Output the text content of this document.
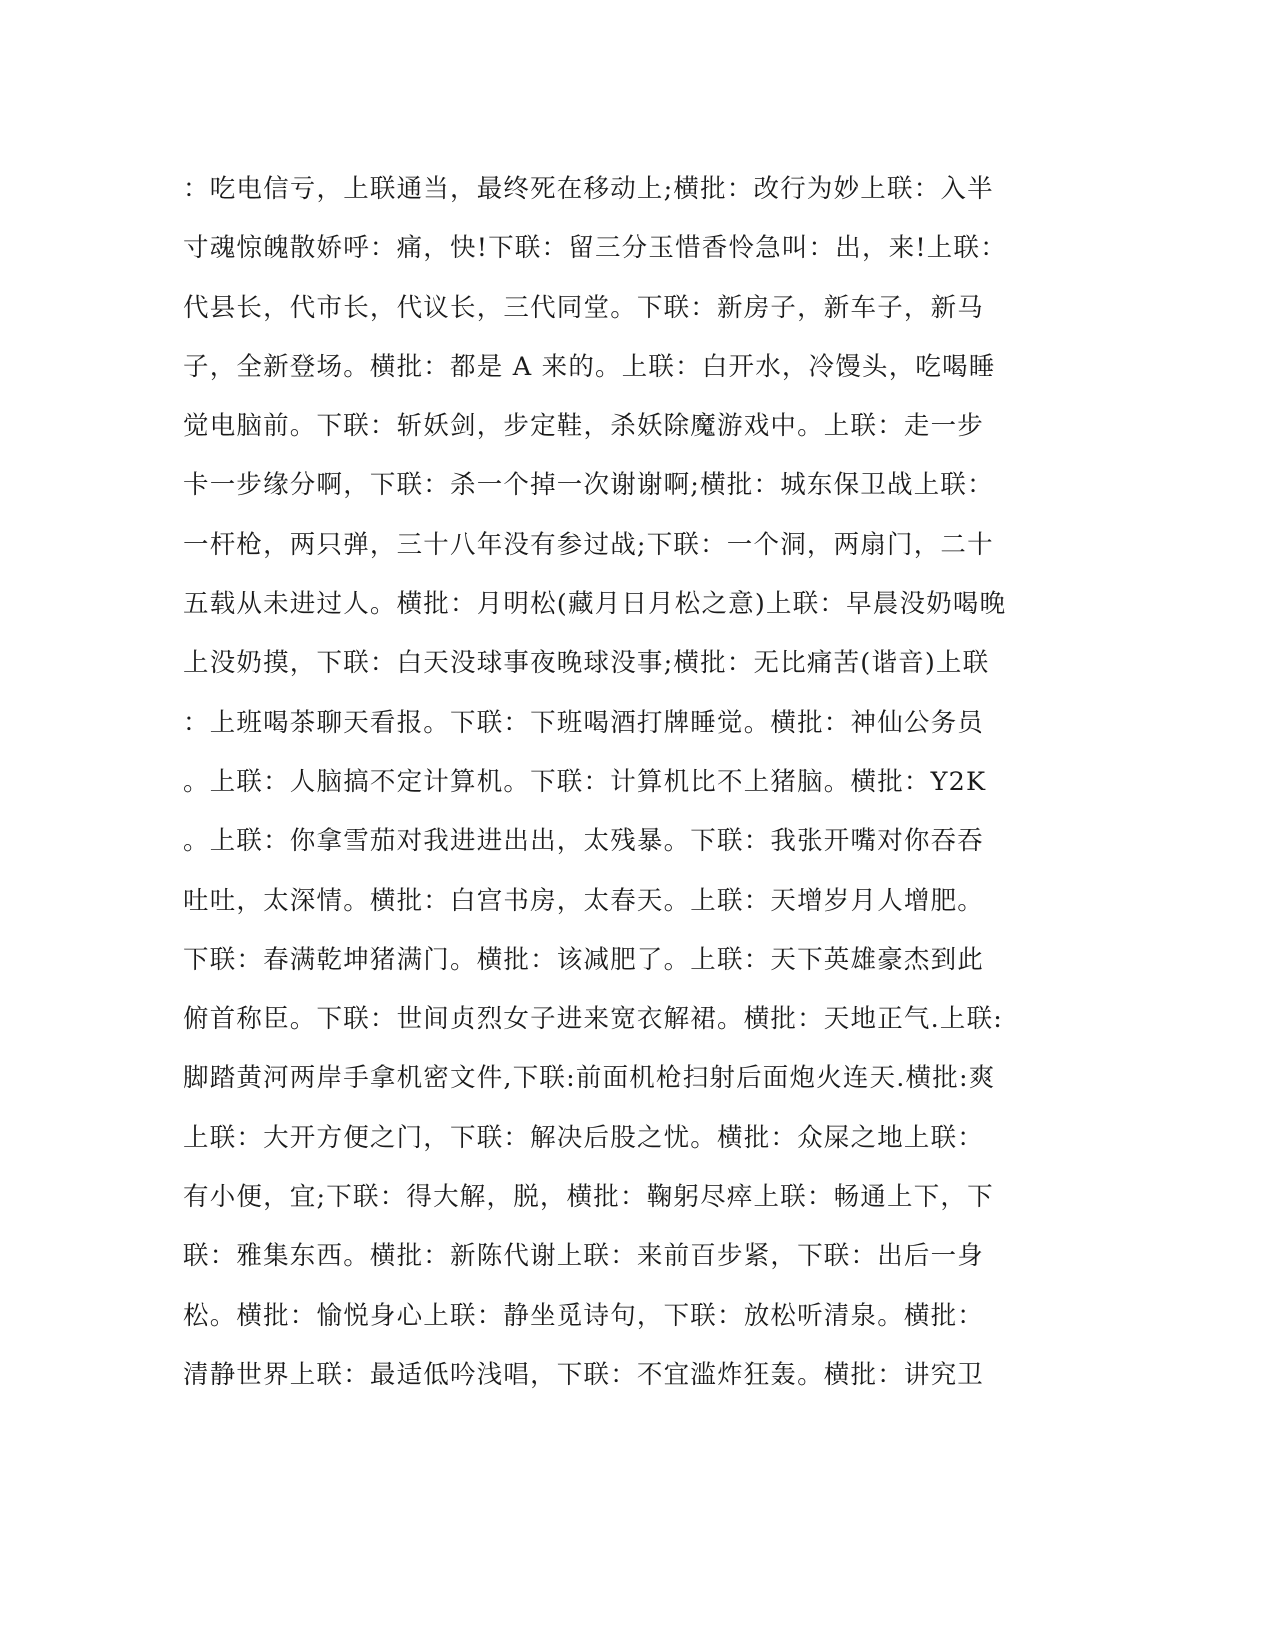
：吃电信亏，上联通当，最终死在移动上;横批：改行为妙上联：入半
寸魂惊魄散娇呼：痛，快!下联：留三分玉惜香怜急叫：出，来!上联：
代县长，代市长，代议长，三代同堂。下联：新房子，新车子，新马
子，全新登场。横批：都是 A 来的。上联：白开水，冷馒头，吃喝睡
觉电脑前。下联：斩妖剑，步定鞋，杀妖除魔游戏中。上联：走一步
卡一步缘分啊，下联：杀一个掉一次谢谢啊;横批：城东保卫战上联：
一杆枪，两只弹，三十八年没有参过战;下联：一个洞，两扇门，二十
五载从未进过人。横批：月明松(藏月日月松之意)上联：早晨没奶喝晚
上没奶摸，下联：白天没球事夜晚球没事;横批：无比痛苦(谐音)上联
：上班喝茶聊天看报。下联：下班喝酒打牌睡觉。横批：神仙公务员
。上联：人脑搞不定计算机。下联：计算机比不上猪脑。横批：Y2K
。上联：你拿雪茄对我进进出出，太残暴。下联：我张开嘴对你吞吞
吐吐，太深情。横批：白宫书房，太春天。上联：天增岁月人增肥。
下联：春满乾坤猪满门。横批：该减肥了。上联：天下英雄豪杰到此
俯首称臣。下联：世间贞烈女子进来宽衣解裙。横批：天地正气.上联:
脚踏黄河两岸手拿机密文件,下联:前面机枪扫射后面炮火连天.横批:爽
上联：大开方便之门，下联：解决后股之忧。横批：众屎之地上联：
有小便，宜;下联：得大解，脱，横批：鞠躬尽瘁上联：畅通上下，下
联：雅集东西。横批：新陈代谢上联：来前百步紧，下联：出后一身
松。横批：愉悦身心上联：静坐觅诗句，下联：放松听清泉。横批：
清静世界上联：最适低吟浅唱，下联：不宜滥炸狂轰。横批：讲究卫
